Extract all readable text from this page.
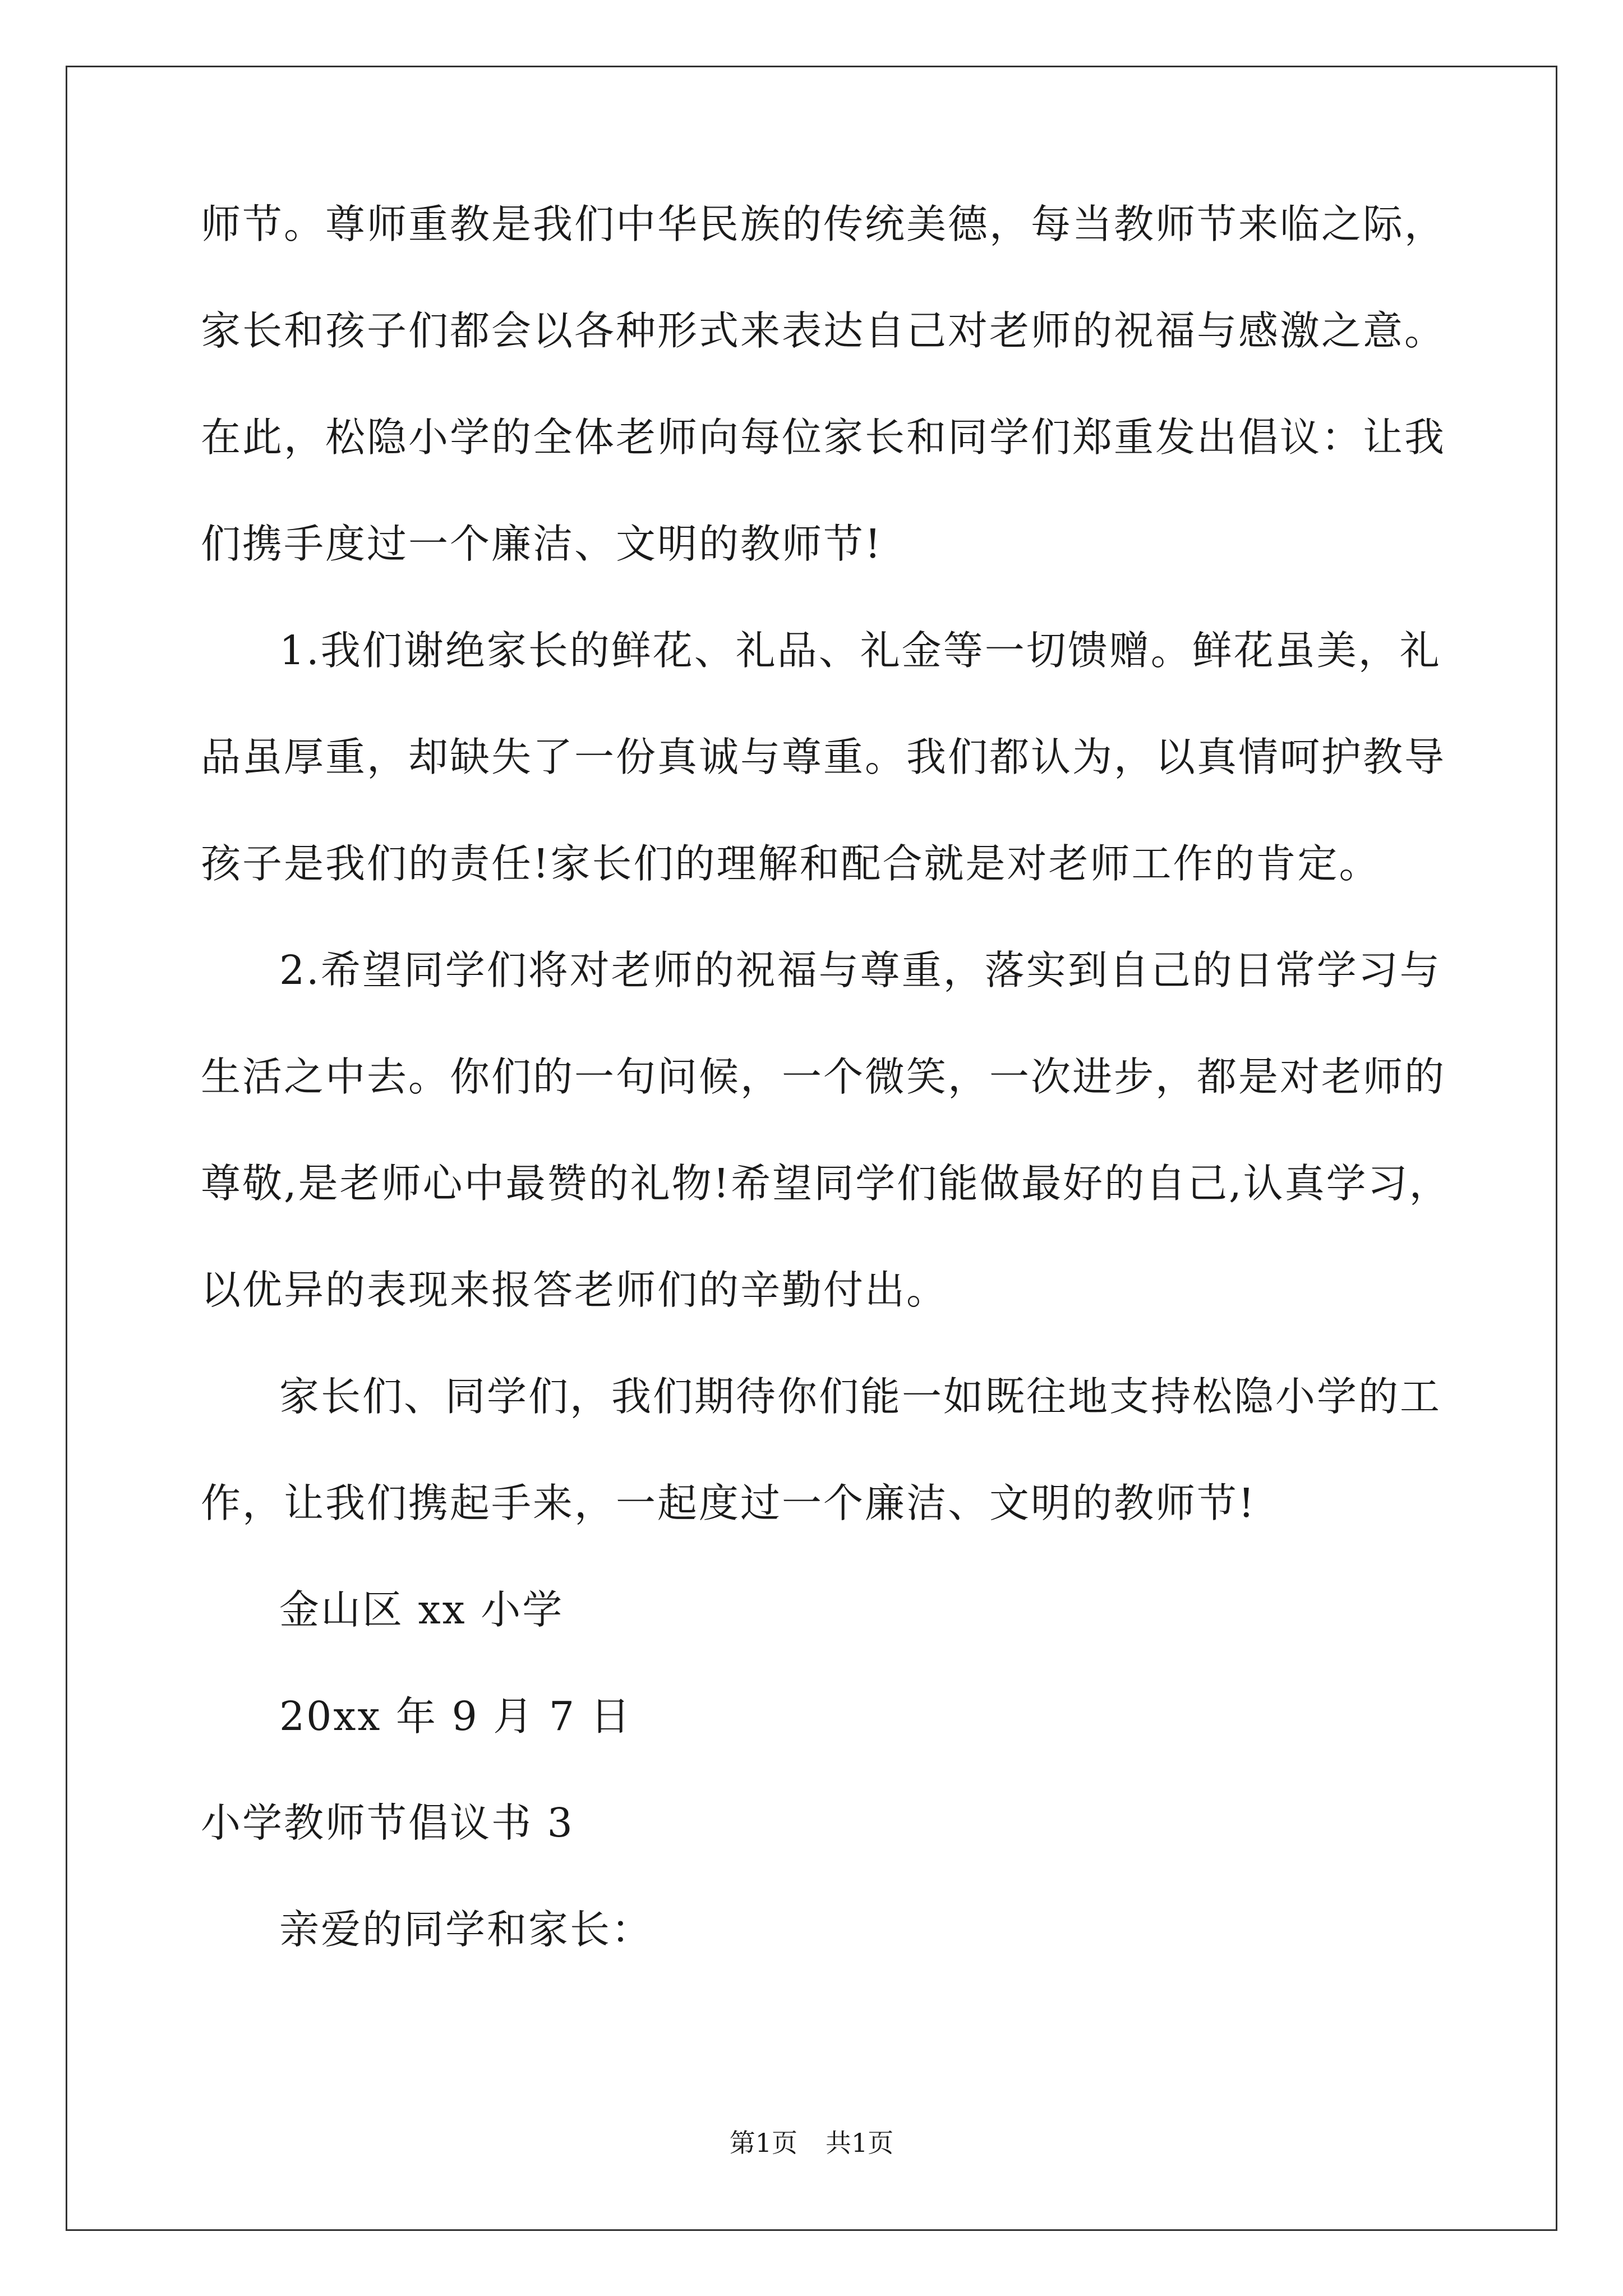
师节。尊师重教是我们中华民族的传统美德，每当教师节来临之际，
家长和孩子们都会以各种形式来表达自己对老师的祝福与感激之意。
在此，松隐小学的全体老师向每位家长和同学们郑重发出倡议：让我
们携手度过一个廉洁、文明的教师节!
1.我们谢绝家长的鲜花、礼品、礼金等一切馈赠。鲜花虽美，礼
品虽厚重，却缺失了一份真诚与尊重。我们都认为，以真情呵护教导
孩子是我们的责任!家长们的理解和配合就是对老师工作的肯定。
2.希望同学们将对老师的祝福与尊重，落实到自己的日常学习与
生活之中去。你们的一句问候，一个微笑，一次进步，都是对老师的
尊敬,是老师心中最赞的礼物!希望同学们能做最好的自己,认真学习，
以优异的表现来报答老师们的辛勤付出。
家长们、同学们，我们期待你们能一如既往地支持松隐小学的工
作，让我们携起手来，一起度过一个廉洁、文明的教师节!
金山区 xx 小学
20xx 年 9 月 7 日
小学教师节倡议书 3
亲爱的同学和家长：
第1页 共1页
